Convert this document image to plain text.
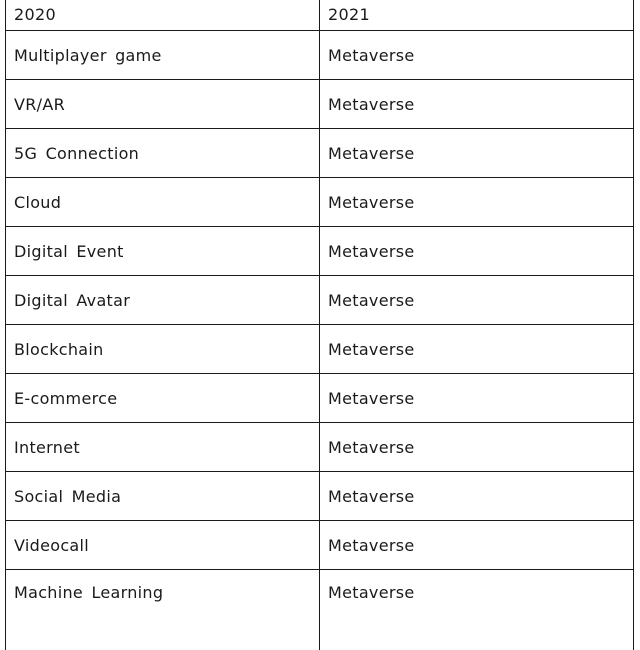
2020	2021
Multiplayer game	Metaverse
VR/AR	Metaverse
5G Connection	Metaverse
Cloud	Metaverse
Digital Event	Metaverse
Digital Avatar	Metaverse
Blockchain	Metaverse
E-commerce	Metaverse
Internet	Metaverse
Social Media	Metaverse
Videocall	Metaverse
Machine Learning	Metaverse
